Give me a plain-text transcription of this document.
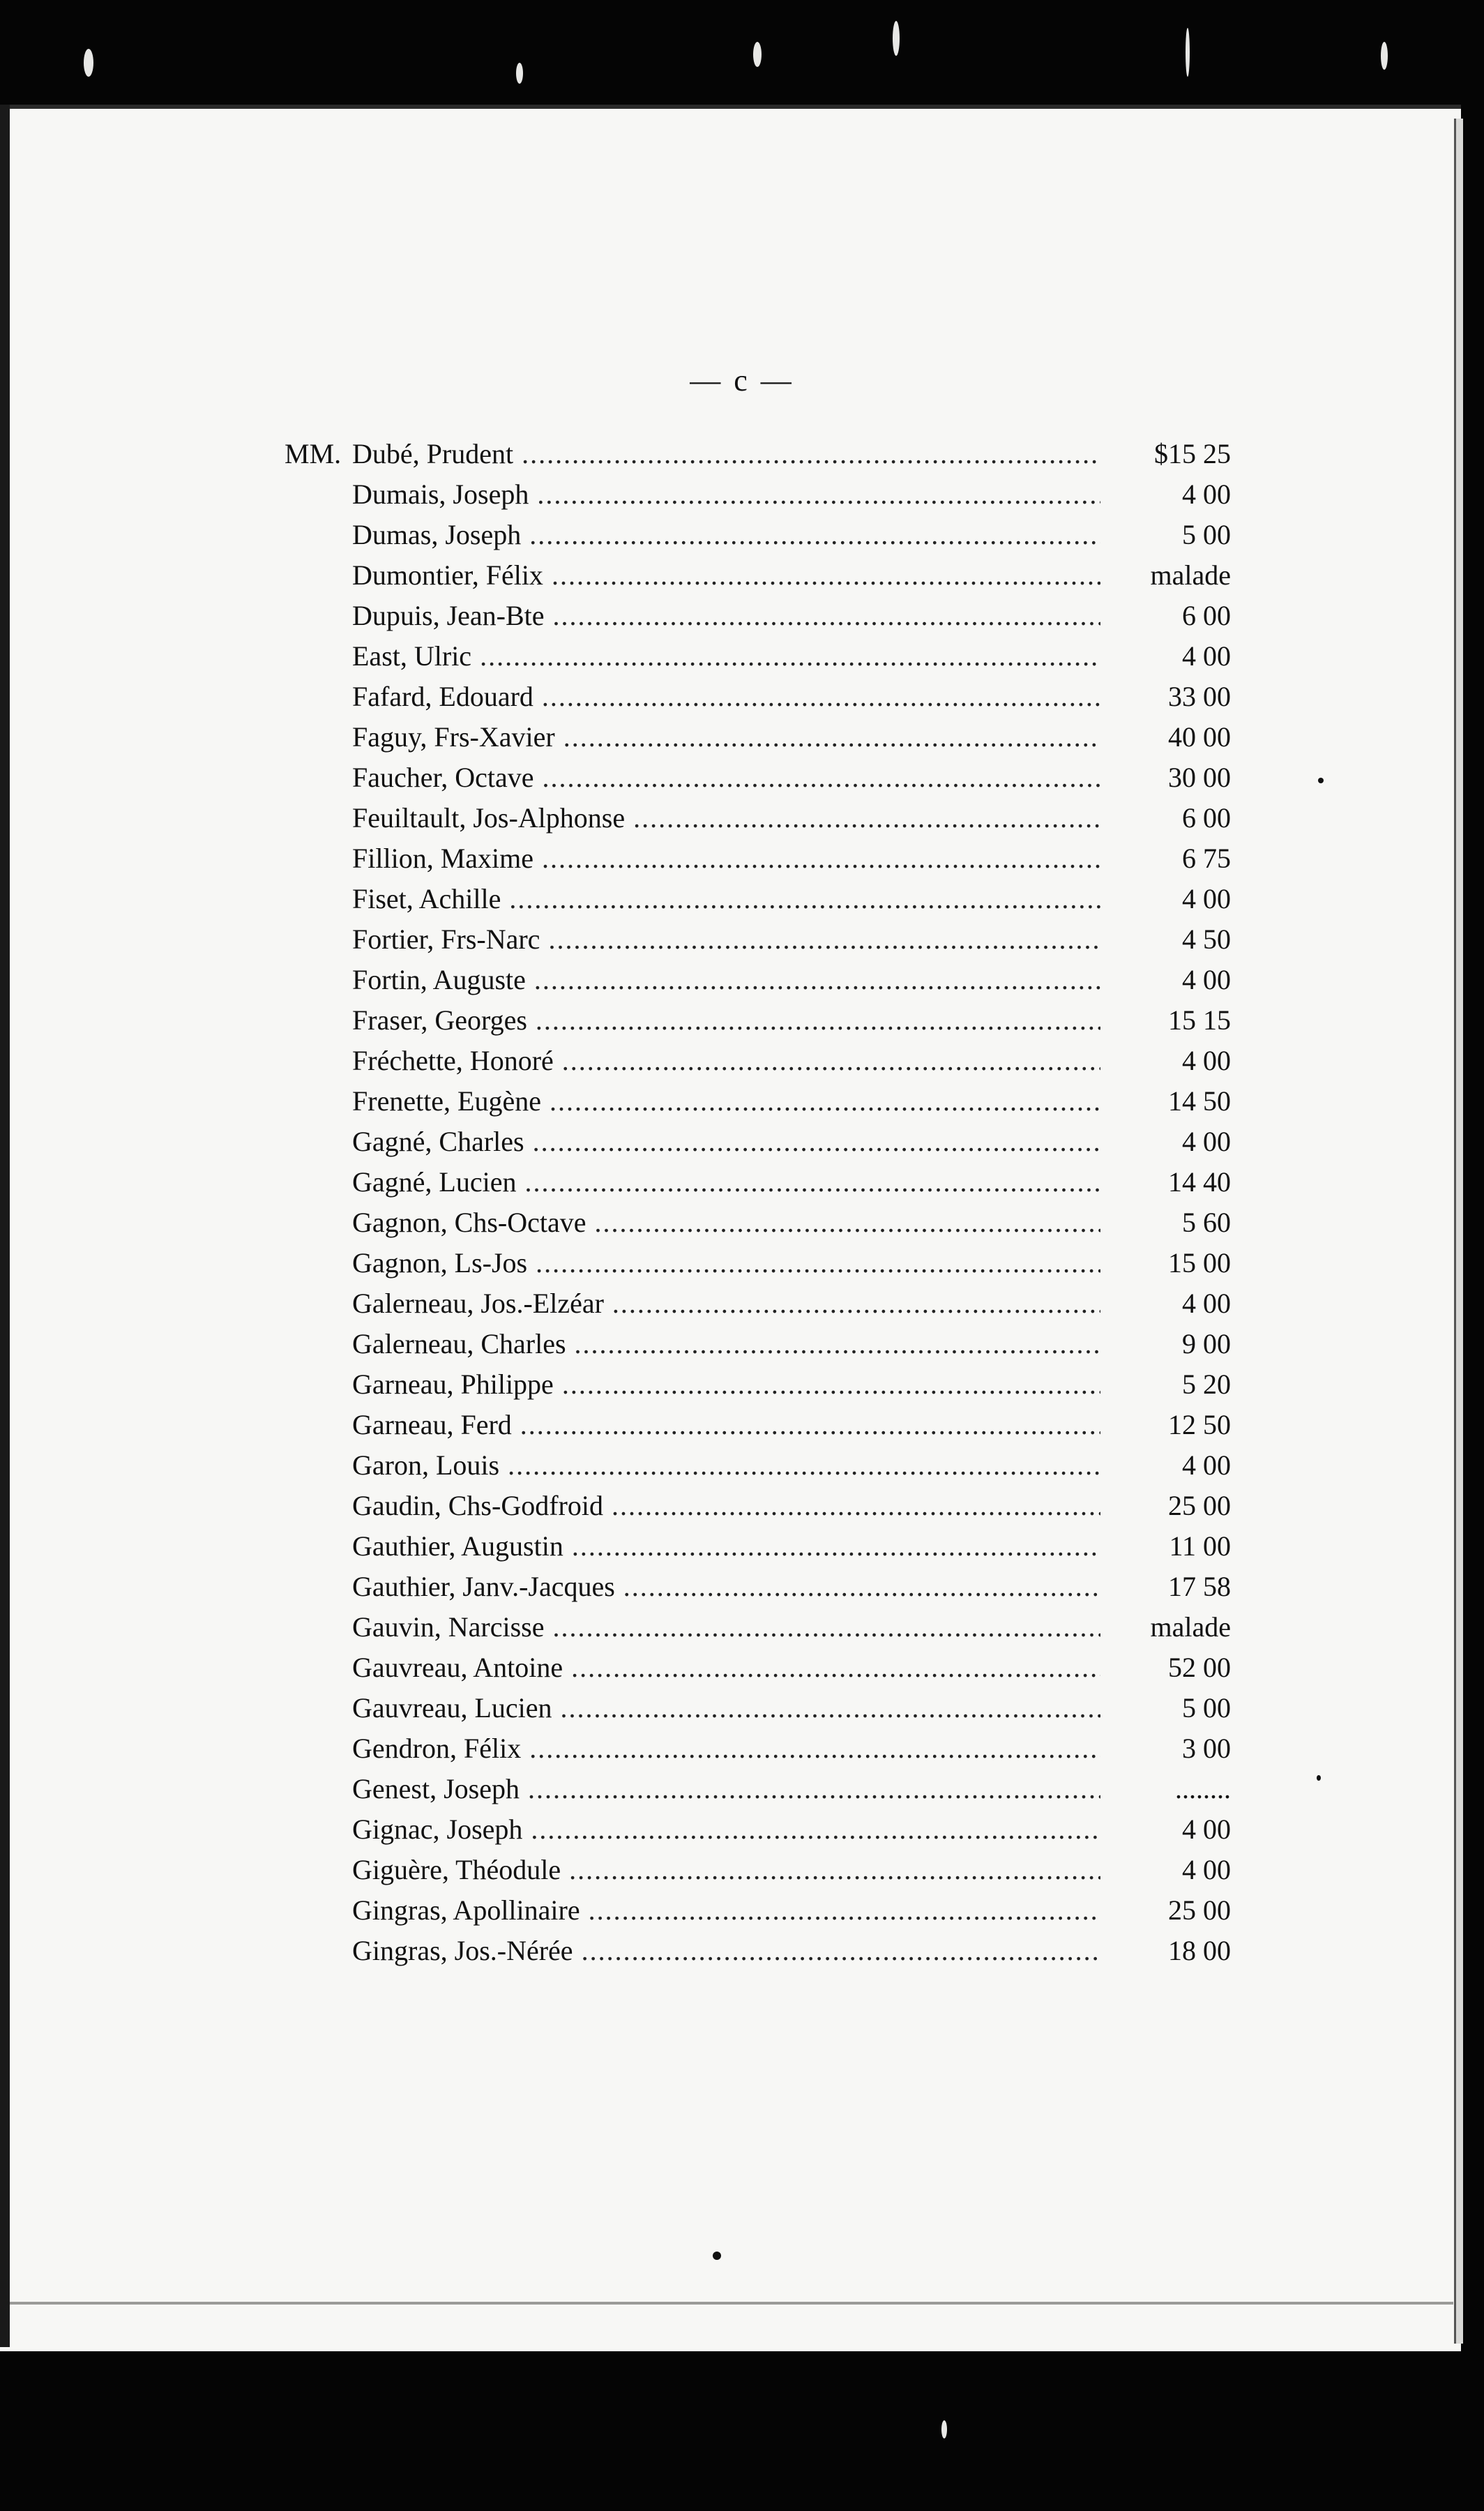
— c —
MM. Dubé, Prudent .....	$15 25
Dumais, Joseph .....	4 00
Dumas, Joseph .....	5 00
Dumontier, Félix .....	malade
Dupuis, Jean-Bte .....	6 00
East, Ulric .....	4 00
Fafard, Edouard .....	33 00
Faguy, Frs-Xavier .....	40 00
Faucher, Octave .....	30 00
Feuiltault, Jos-Alphonse .....	6 00
Fillion, Maxime .....	6 75
Fiset, Achille .....	4 00
Fortier, Frs-Narc .....	4 50
Fortin, Auguste .....	4 00
Fraser, Georges .....	15 15
Fréchette, Honoré .....	4 00
Frenette, Eugène .....	14 50
Gagné, Charles .....	4 00
Gagné, Lucien .....	14 40
Gagnon, Chs-Octave .....	5 60
Gagnon, Ls-Jos .....	15 00
Galerneau, Jos.-Elzéar .....	4 00
Galerneau, Charles .....	9 00
Garneau, Philippe .....	5 20
Garneau, Ferd .....	12 50
Garon, Louis .....	4 00
Gaudin, Chs-Godfroid .....	25 00
Gauthier, Augustin .....	11 00
Gauthier, Janv.-Jacques .....	17 58
Gauvin, Narcisse .....	malade
Gauvreau, Antoine .....	52 00
Gauvreau, Lucien .....	5 00
Gendron, Félix .....	3 00
Genest, Joseph .....	........
Gignac, Joseph .....	4 00
Giguère, Théodule .....	4 00
Gingras, Apollinaire .....	25 00
Gingras, Jos.-Nérée .....	18 00
